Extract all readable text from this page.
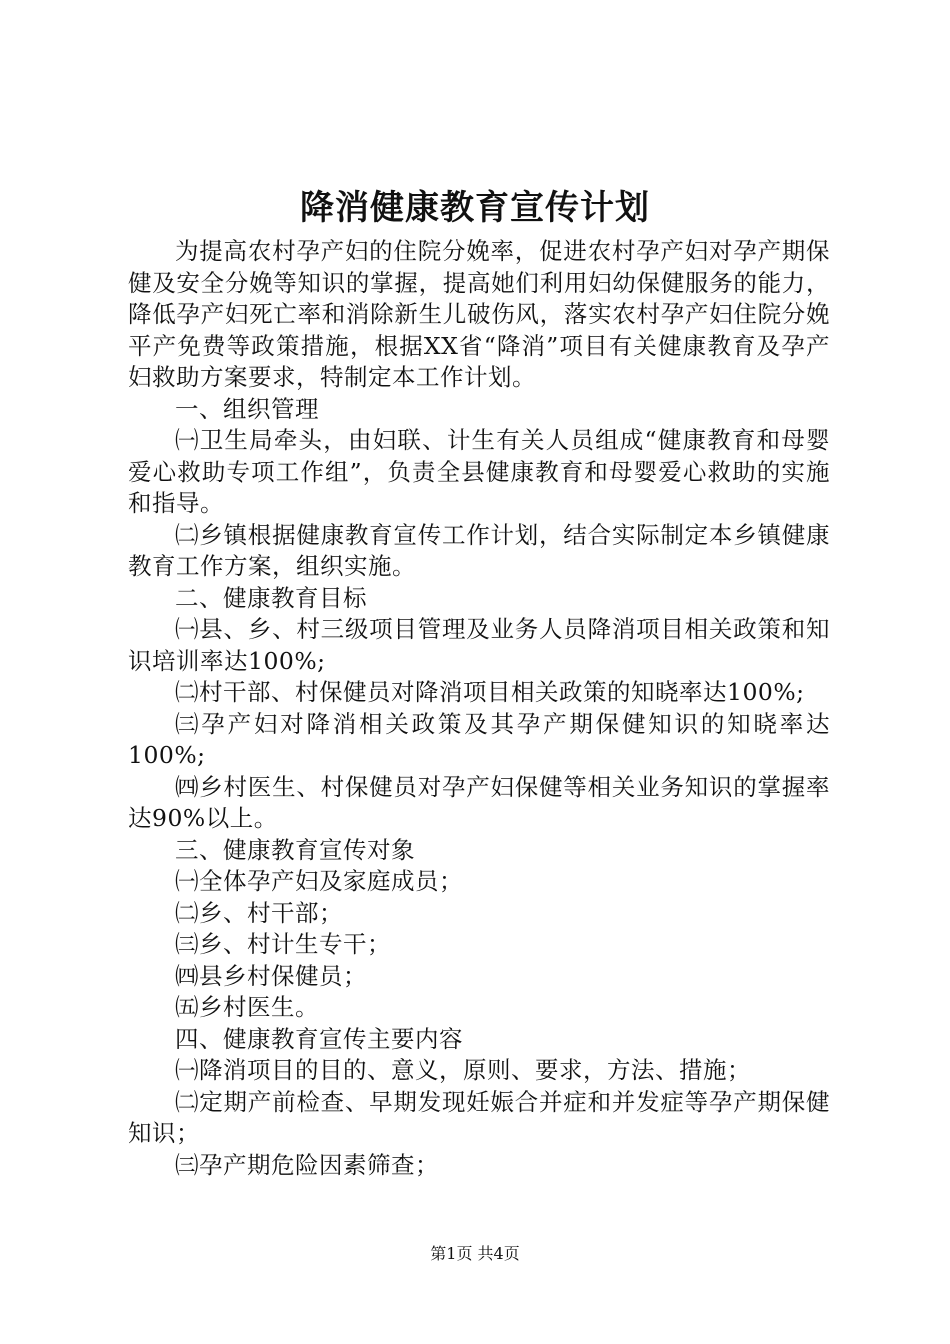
降消健康教育宣传计划

为提高农村孕产妇的住院分娩率，促进农村孕产妇对孕产期保健及安全分娩等知识的掌握，提高她们利用妇幼保健服务的能力，降低孕产妇死亡率和消除新生儿破伤风，落实农村孕产妇住院分娩平产免费等政策措施，根据XX省“降消”项目有关健康教育及孕产妇救助方案要求，特制定本工作计划。

一、组织管理

㈠卫生局牵头，由妇联、计生有关人员组成“健康教育和母婴爱心救助专项工作组”，负责全县健康教育和母婴爱心救助的实施和指导。

㈡乡镇根据健康教育宣传工作计划，结合实际制定本乡镇健康教育工作方案，组织实施。

二、健康教育目标

㈠县、乡、村三级项目管理及业务人员降消项目相关政策和知识培训率达100%;

㈡村干部、村保健员对降消项目相关政策的知晓率达100%;

㈢孕产妇对降消相关政策及其孕产期保健知识的知晓率达100%;

㈣乡村医生、村保健员对孕产妇保健等相关业务知识的掌握率达90%以上。

三、健康教育宣传对象

㈠全体孕产妇及家庭成员；

㈡乡、村干部；

㈢乡、村计生专干；

㈣县乡村保健员；

㈤乡村医生。

四、健康教育宣传主要内容

㈠降消项目的目的、意义，原则、要求，方法、措施；

㈡定期产前检查、早期发现妊娠合并症和并发症等孕产期保健知识；

㈢孕产期危险因素筛查；

第1页 共4页
